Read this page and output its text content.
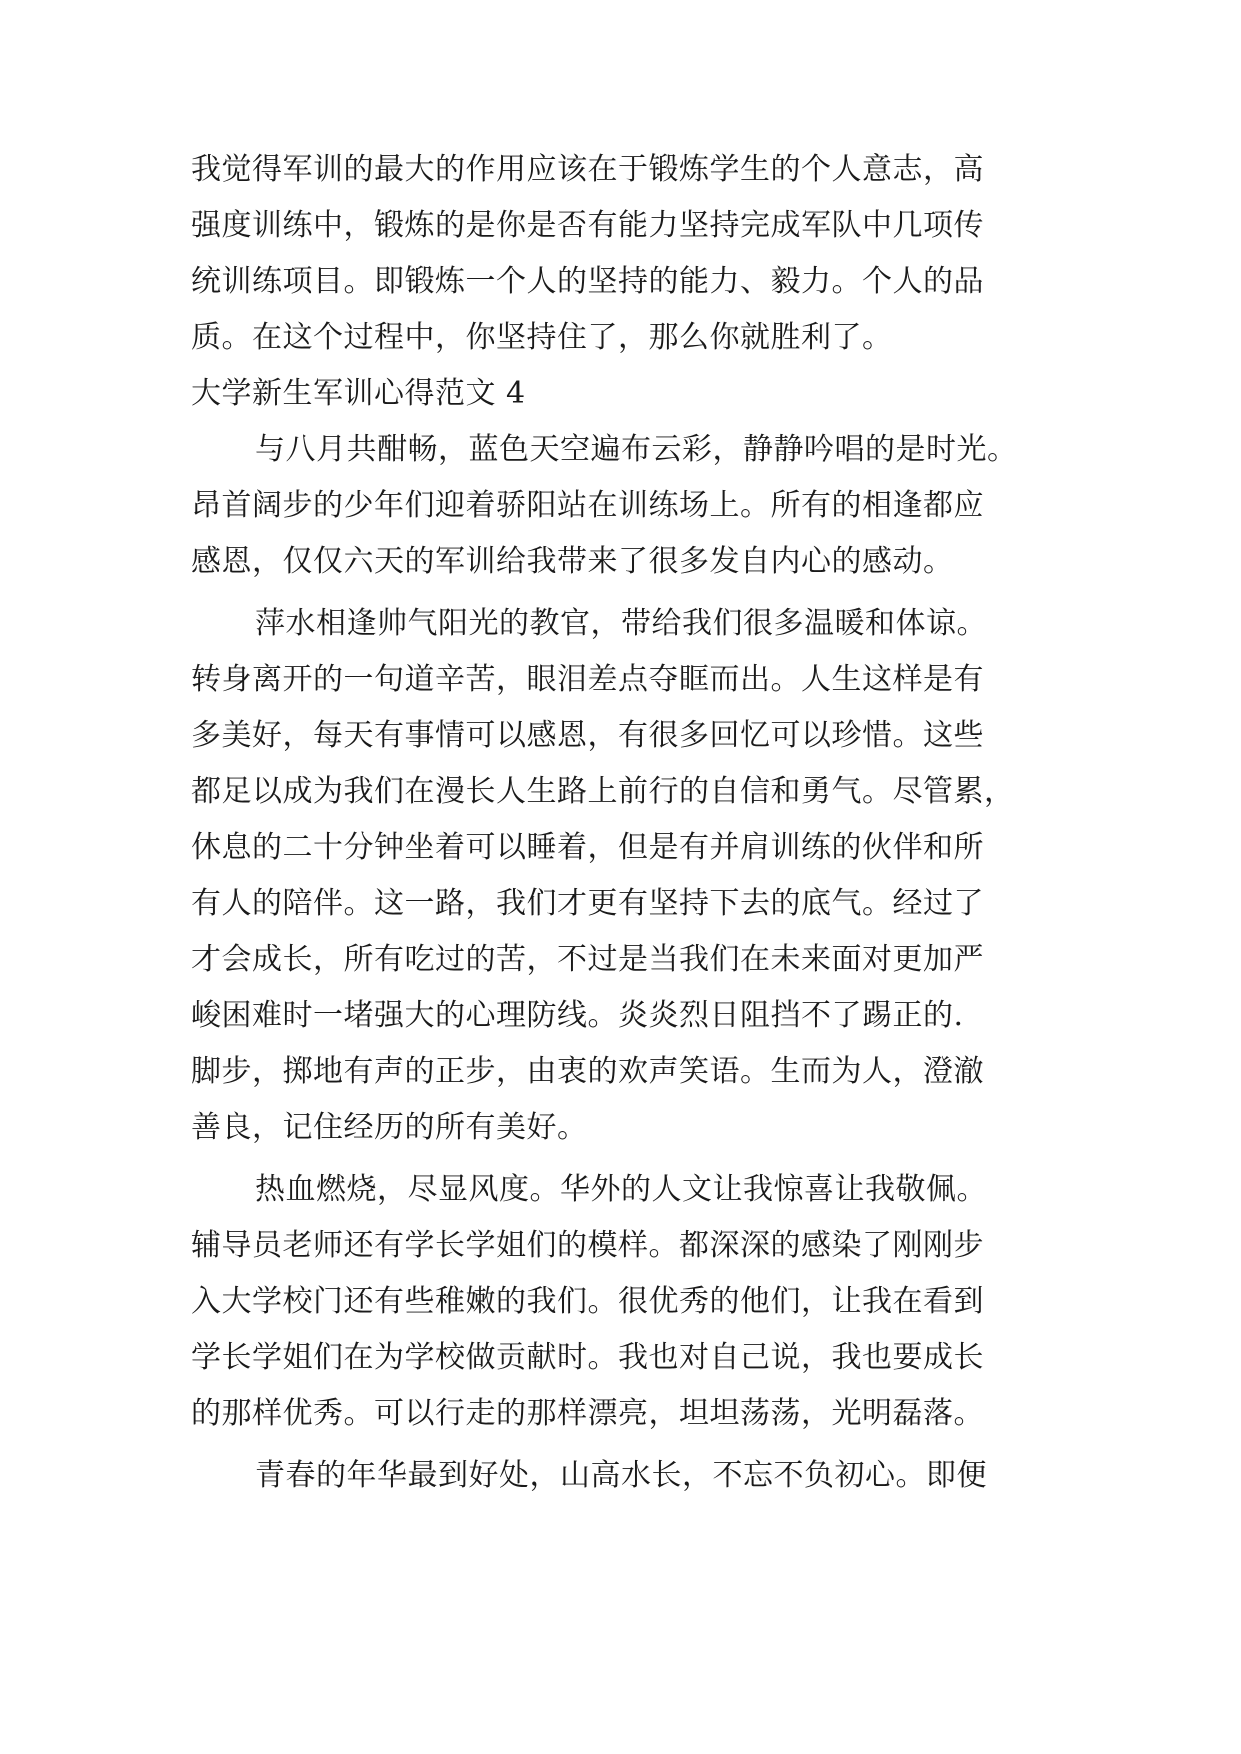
我觉得军训的最大的作用应该在于锻炼学生的个人意志，高
强度训练中，锻炼的是你是否有能力坚持完成军队中几项传
统训练项目。即锻炼一个人的坚持的能力、毅力。个人的品
质。在这个过程中，你坚持住了，那么你就胜利了。
大学新生军训心得范文 4
与八月共酣畅，蓝色天空遍布云彩，静静吟唱的是时光。
昂首阔步的少年们迎着骄阳站在训练场上。所有的相逢都应
感恩，仅仅六天的军训给我带来了很多发自内心的感动。
萍水相逢帅气阳光的教官，带给我们很多温暖和体谅。
转身离开的一句道辛苦，眼泪差点夺眶而出。人生这样是有
多美好，每天有事情可以感恩，有很多回忆可以珍惜。这些
都足以成为我们在漫长人生路上前行的自信和勇气。尽管累，
休息的二十分钟坐着可以睡着，但是有并肩训练的伙伴和所
有人的陪伴。这一路，我们才更有坚持下去的底气。经过了
才会成长，所有吃过的苦，不过是当我们在未来面对更加严
峻困难时一堵强大的心理防线。炎炎烈日阻挡不了踢正的.
脚步，掷地有声的正步，由衷的欢声笑语。生而为人，澄澈
善良，记住经历的所有美好。
热血燃烧，尽显风度。华外的人文让我惊喜让我敬佩。
辅导员老师还有学长学姐们的模样。都深深的感染了刚刚步
入大学校门还有些稚嫩的我们。很优秀的他们，让我在看到
学长学姐们在为学校做贡献时。我也对自己说，我也要成长
的那样优秀。可以行走的那样漂亮，坦坦荡荡，光明磊落。
青春的年华最到好处，山高水长，不忘不负初心。即便
